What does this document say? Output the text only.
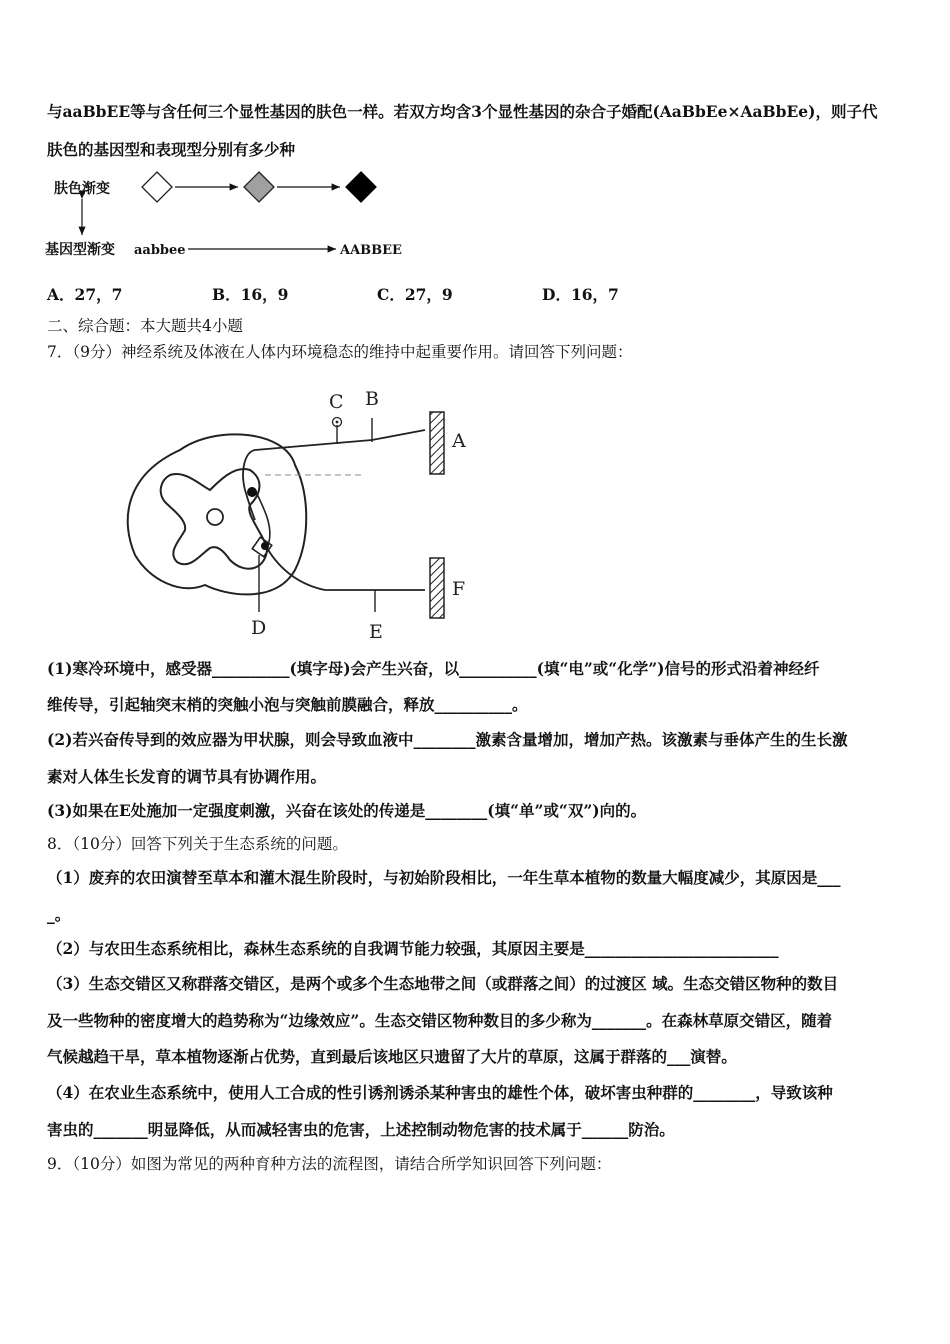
与aaBbEE等与含任何三个显性基因的肤色一样。若双方均含3个显性基因的杂合子婚配(AaBbEe×AaBbEe)，则子代
肤色的基因型和表现型分别有多少种
肤色渐变
基因型渐变 aabbee	AABBEE
A．27，7	B．16，9	C．27，9	D．16，7
二、综合题：本大题共4小题
7．（9分）神经系统及体液在人体内环境稳态的维持中起重要作用。请回答下列问题：
C B
A
F
D	E
(1)寒冷环境中，感受器__________(填字母)会产生兴奋，以__________(填“电”或“化学”)信号的形式沿着神经纤
维传导，引起轴突末梢的突触小泡与突触前膜融合，释放__________。
(2)若兴奋传导到的效应器为甲状腺，则会导致血液中________激素含量增加，增加产热。该激素与垂体产生的生长激
素对人体生长发育的调节具有协调作用。
(3)如果在E处施加一定强度刺激，兴奋在该处的传递是________(填“单”或“双”)向的。
8．（10分）回答下列关于生态系统的问题。
（1）废弃的农田演替至草本和灌木混生阶段时，与初始阶段相比，一年生草本植物的数量大幅度减少，其原因是___
_。
（2）与农田生态系统相比，森林生态系统的自我调节能力较强，其原因主要是_________________________
（3）生态交错区又称群落交错区，是两个或多个生态地带之间（或群落之间）的过渡区 域。生态交错区物种的数目
及一些物种的密度增大的趋势称为“边缘效应”。生态交错区物种数目的多少称为_______。在森林草原交错区，随着
气候越趋干旱，草本植物逐渐占优势，直到最后该地区只遗留了大片的草原，这属于群落的___演替。
（4）在农业生态系统中，使用人工合成的性引诱剂诱杀某种害虫的雄性个体，破坏害虫种群的________，导致该种
害虫的_______明显降低，从而减轻害虫的危害，上述控制动物危害的技术属于______防治。
9．（10分）如图为常见的两种育种方法的流程图，请结合所学知识回答下列问题：
